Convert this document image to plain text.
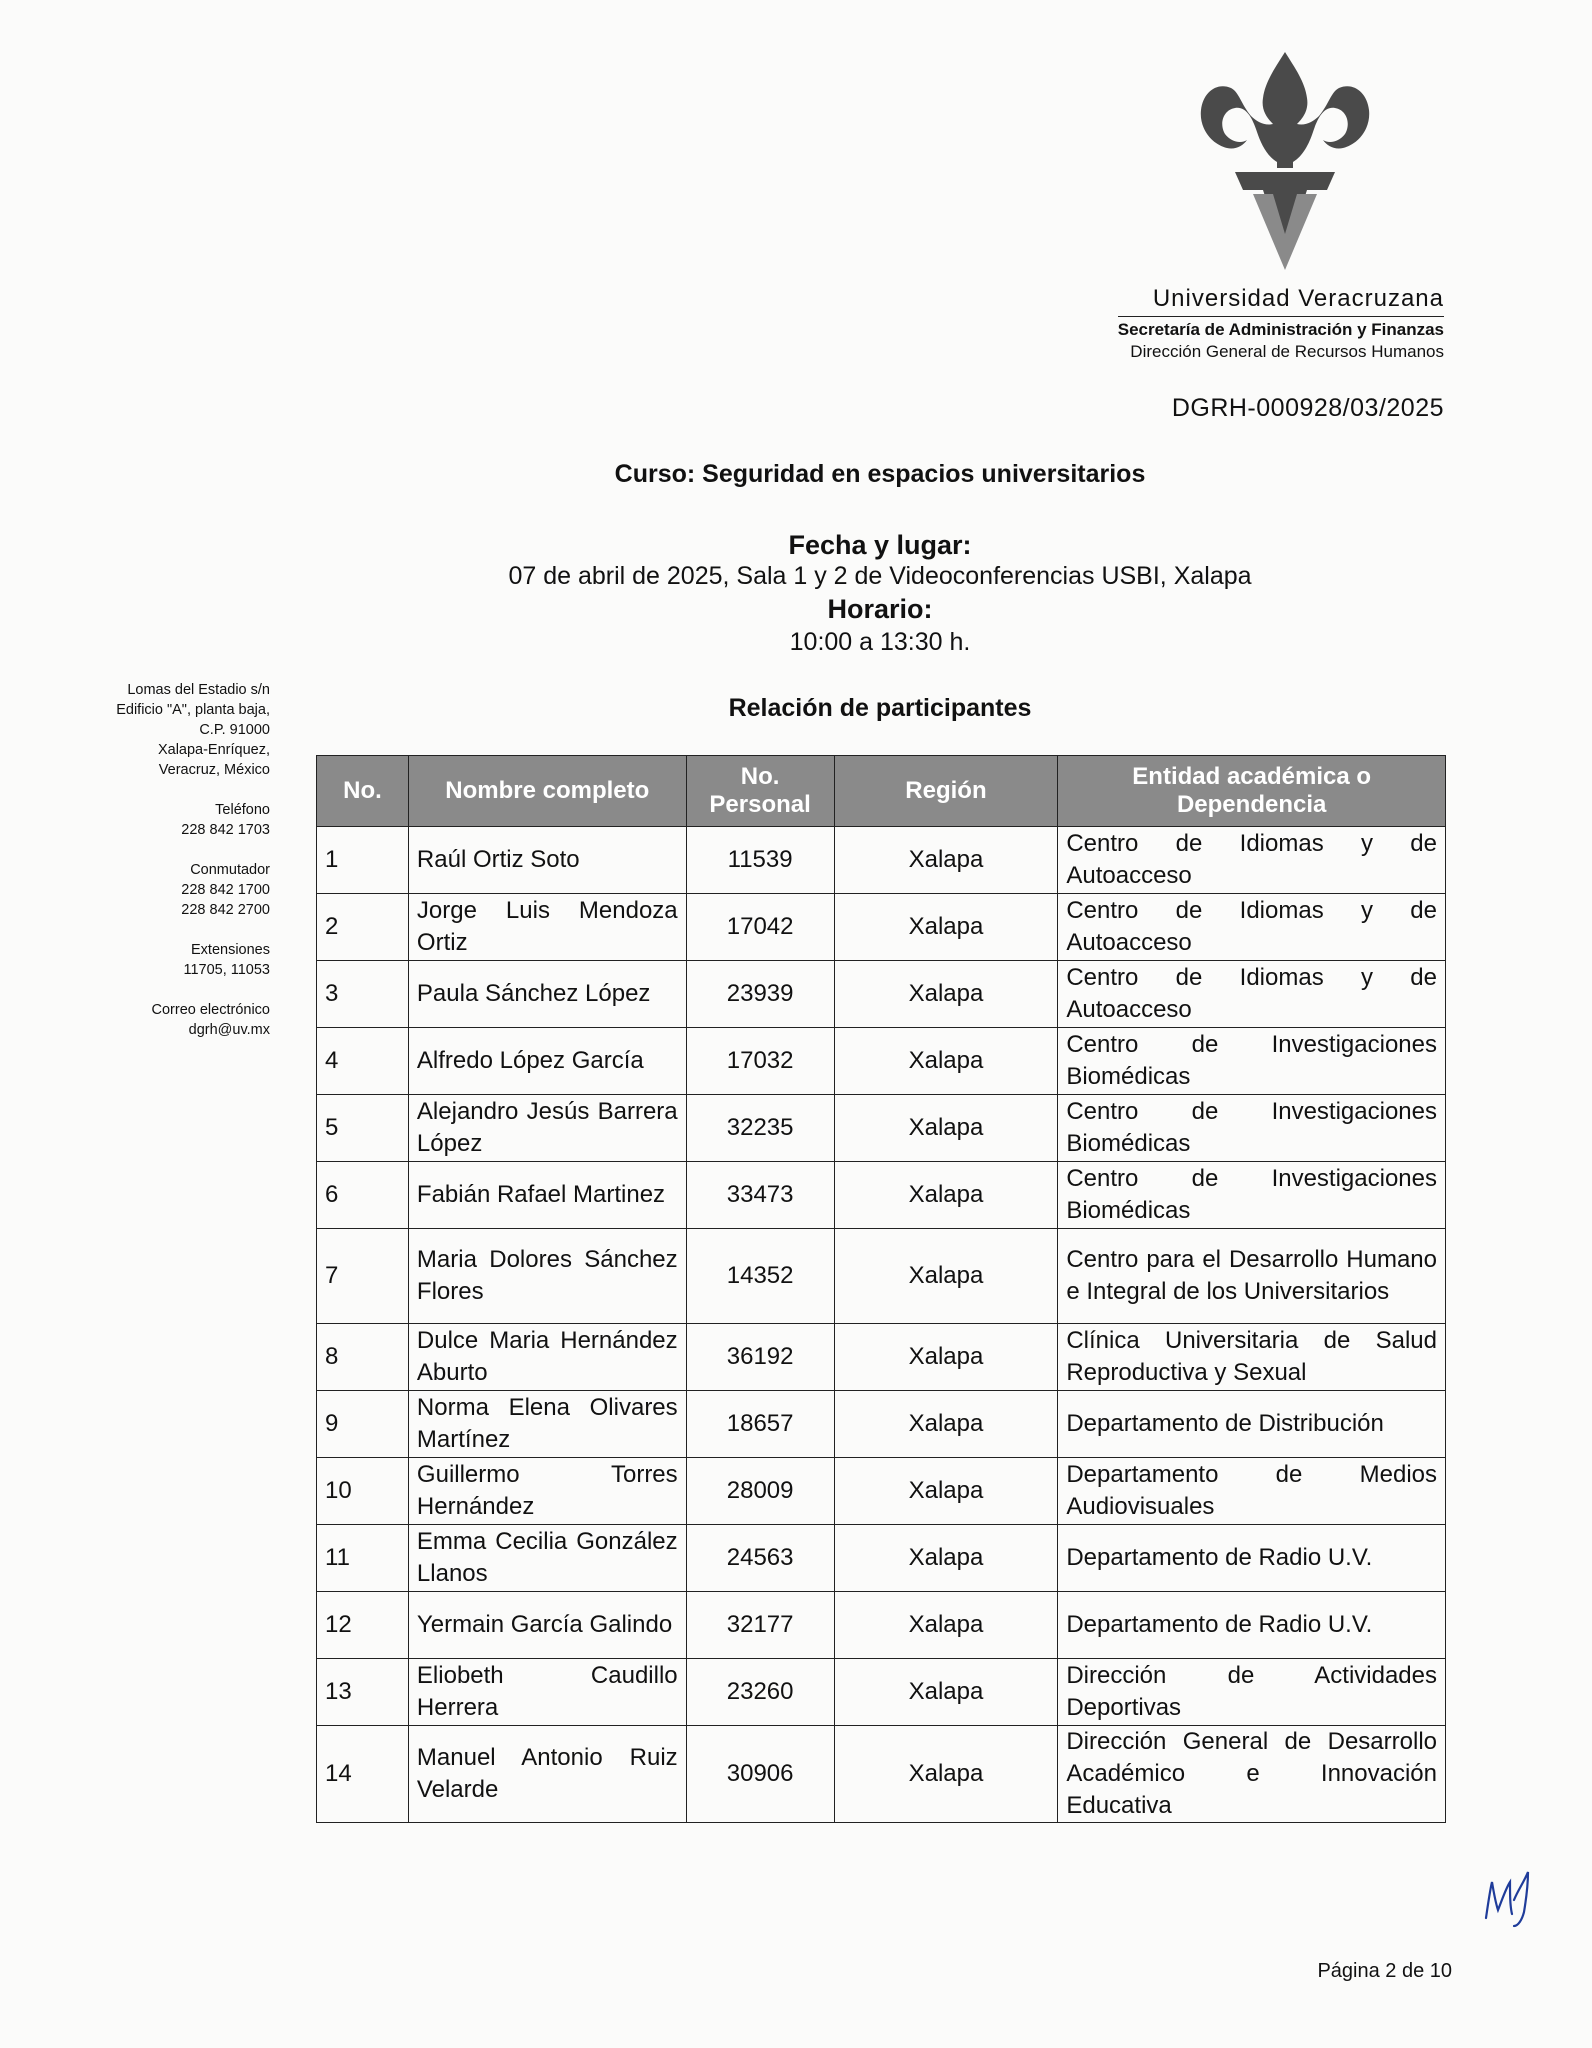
Universidad Veracruzana
Secretaría de Administración y Finanzas
Dirección General de Recursos Humanos
DGRH-000928/03/2025
Curso: Seguridad en espacios universitarios
Fecha y lugar:
07 de abril de 2025, Sala 1 y 2 de Videoconferencias USBI, Xalapa
Horario:
10:00 a 13:30 h.
Relación de participantes
Lomas del Estadio s/n
Edificio "A", planta baja,
C.P. 91000
Xalapa-Enríquez,
Veracruz, México
Teléfono
228 842 1703
Conmutador
228 842 1700
228 842 2700
Extensiones
11705, 11053
Correo electrónico
dgrh@uv.mx
No.	Nombre completo	No. Personal	Región	Entidad académica o Dependencia
1	Raúl Ortiz Soto	11539	Xalapa	Centro de Idiomas y de Autoacceso
2	Jorge Luis Mendoza Ortiz	17042	Xalapa	Centro de Idiomas y de Autoacceso
3	Paula Sánchez López	23939	Xalapa	Centro de Idiomas y de Autoacceso
4	Alfredo López García	17032	Xalapa	Centro de Investigaciones Biomédicas
5	Alejandro Jesús Barrera López	32235	Xalapa	Centro de Investigaciones Biomédicas
6	Fabián Rafael Martinez	33473	Xalapa	Centro de Investigaciones Biomédicas
7	Maria Dolores Sánchez Flores	14352	Xalapa	Centro para el Desarrollo Humano e Integral de los Universitarios
8	Dulce Maria Hernández Aburto	36192	Xalapa	Clínica Universitaria de Salud Reproductiva y Sexual
9	Norma Elena Olivares Martínez	18657	Xalapa	Departamento de Distribución
10	Guillermo Torres Hernández	28009	Xalapa	Departamento de Medios Audiovisuales
11	Emma Cecilia González Llanos	24563	Xalapa	Departamento de Radio U.V.
12	Yermain García Galindo	32177	Xalapa	Departamento de Radio U.V.
13	Eliobeth Caudillo Herrera	23260	Xalapa	Dirección de Actividades Deportivas
14	Manuel Antonio Ruiz Velarde	30906	Xalapa	Dirección General de Desarrollo Académico e Innovación Educativa
Página 2 de 10
